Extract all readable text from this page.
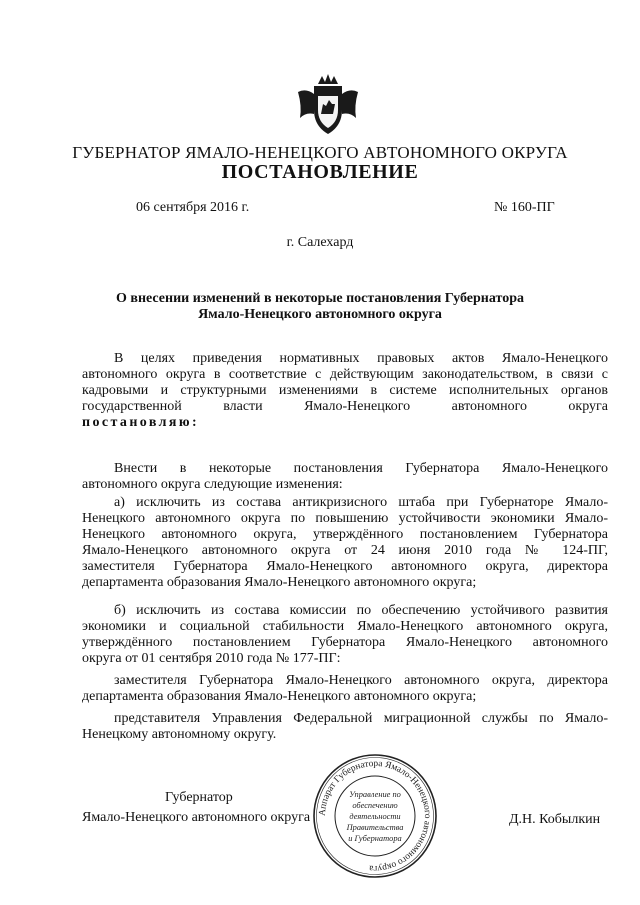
ГУБЕРНАТОР ЯМАЛО-НЕНЕЦКОГО АВТОНОМНОГО ОКРУГА
ПОСТАНОВЛЕНИЕ
06 сентября 2016 г.	№ 160-ПГ
г. Салехард
О внесении изменений в некоторые постановления Губернатора
Ямало-Ненецкого автономного округа
В целях приведения нормативных правовых актов Ямало-Ненецкого
автономного округа в соответствие с действующим законодательством, в связи с
кадровыми и структурными изменениями в системе исполнительных органов
государственной власти Ямало-Ненецкого автономного округа
постановляю:
Внести в некоторые постановления Губернатора Ямало-Ненецкого
автономного округа следующие изменения:
а) исключить из состава антикризисного штаба при Губернаторе Ямало-
Ненецкого автономного округа по повышению устойчивости экономики Ямало-
Ненецкого автономного округа, утверждённого постановлением Губернатора
Ямало-Ненецкого автономного округа от 24 июня 2010 года № 124-ПГ,
заместителя Губернатора Ямало-Ненецкого автономного округа, директора
департамента образования Ямало-Ненецкого автономного округа;
б) исключить из состава комиссии по обеспечению устойчивого развития
экономики и социальной стабильности Ямало-Ненецкого автономного округа,
утверждённого постановлением Губернатора Ямало-Ненецкого автономного
округа от 01 сентября 2010 года № 177-ПГ:
заместителя Губернатора Ямало-Ненецкого автономного округа, директора
департамента образования Ямало-Ненецкого автономного округа;
представителя Управления Федеральной миграционной службы по Ямало-
Ненецкому автономному округу.
Губернатор
Ямало-Ненецкого автономного округа	Д.Н. Кобылкин
Аппарат Губернатора Ямало-Ненецкого автономного округа
Управление по
обеспечению
деятельности
Правительства
и Губернатора
